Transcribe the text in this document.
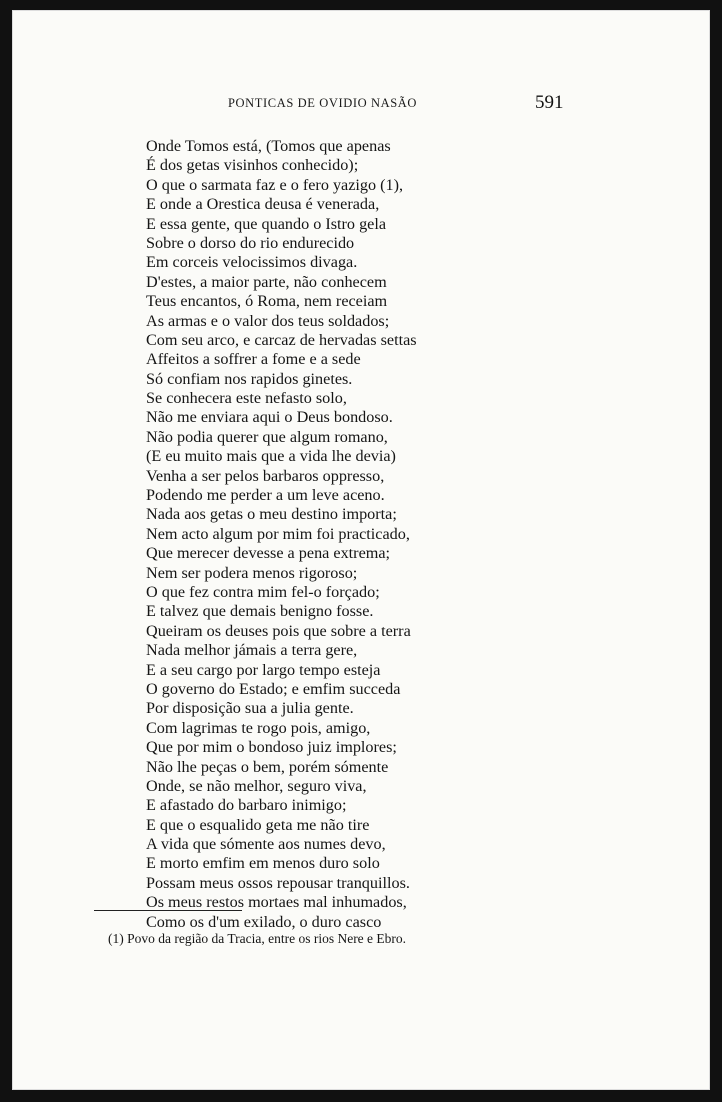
PONTICAS DE OVIDIO NASÃO	591
Onde Tomos está, (Tomos que apenas
É dos getas visinhos conhecido);
O que o sarmata faz e o fero yazigo (1),
E onde a Orestica deusa é venerada,
E essa gente, que quando o Istro gela
Sobre o dorso do rio endurecido
Em corceis velocissimos divaga.
D'estes, a maior parte, não conhecem
Teus encantos, ó Roma, nem receiam
As armas e o valor dos teus soldados;
Com seu arco, e carcaz de hervadas settas
Affeitos a soffrer a fome e a sede
Só confiam nos rapidos ginetes.
Se conhecera este nefasto solo,
Não me enviara aqui o Deus bondoso.
Não podia querer que algum romano,
(E eu muito mais que a vida lhe devia)
Venha a ser pelos barbaros oppresso,
Podendo me perder a um leve aceno.
Nada aos getas o meu destino importa;
Nem acto algum por mim foi practicado,
Que merecer devesse a pena extrema;
Nem ser podera menos rigoroso;
O que fez contra mim fel-o forçado;
E talvez que demais benigno fosse.
Queiram os deuses pois que sobre a terra
Nada melhor jámais a terra gere,
E a seu cargo por largo tempo esteja
O governo do Estado; e emfim succeda
Por disposição sua a julia gente.
Com lagrimas te rogo pois, amigo,
Que por mim o bondoso juiz implores;
Não lhe peças o bem, porém sómente
Onde, se não melhor, seguro viva,
E afastado do barbaro inimigo;
E que o esqualido geta me não tire
A vida que sómente aos numes devo,
E morto emfim em menos duro solo
Possam meus ossos repousar tranquillos.
Os meus restos mortaes mal inhumados,
Como os d'um exilado, o duro casco
(1) Povo da região da Tracia, entre os rios Nere e Ebro.
